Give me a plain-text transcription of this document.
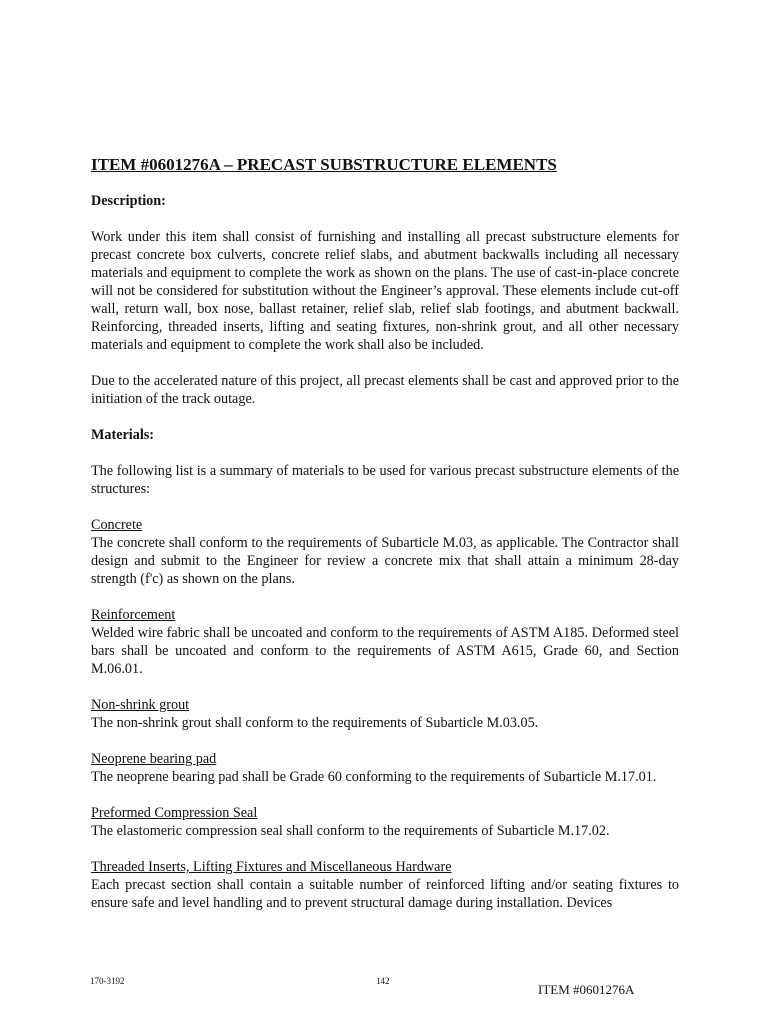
ITEM #0601276A – PRECAST SUBSTRUCTURE ELEMENTS
Description:

Work under this item shall consist of furnishing and installing all precast substructure elements for precast concrete box culverts, concrete relief slabs, and abutment backwalls including all necessary materials and equipment to complete the work as shown on the plans. The use of cast-in-place concrete will not be considered for substitution without the Engineer’s approval. These elements include cut-off wall, return wall, box nose, ballast retainer, relief slab, relief slab footings, and abutment backwall. Reinforcing, threaded inserts, lifting and seating fixtures, non-shrink grout, and all other necessary materials and equipment to complete the work shall also be included.

Due to the accelerated nature of this project, all precast elements shall be cast and approved prior to the initiation of the track outage.

Materials:

The following list is a summary of materials to be used for various precast substructure elements of the structures:

Concrete
The concrete shall conform to the requirements of Subarticle M.03, as applicable. The Contractor shall design and submit to the Engineer for review a concrete mix that shall attain a minimum 28-day strength (f'c) as shown on the plans.
Reinforcement
Welded wire fabric shall be uncoated and conform to the requirements of ASTM A185. Deformed steel bars shall be uncoated and conform to the requirements of ASTM A615, Grade 60, and Section M.06.01.
Non-shrink grout
The non-shrink grout shall conform to the requirements of Subarticle M.03.05.
Neoprene bearing pad
The neoprene bearing pad shall be Grade 60 conforming to the requirements of Subarticle M.17.01.
Preformed Compression Seal
The elastomeric compression seal shall conform to the requirements of Subarticle M.17.02.
Threaded Inserts, Lifting Fixtures and Miscellaneous Hardware
Each precast section shall contain a suitable number of reinforced lifting and/or seating fixtures to ensure safe and level handling and to prevent structural damage during installation. Devices
170-3192	142
ITEM #0601276A
